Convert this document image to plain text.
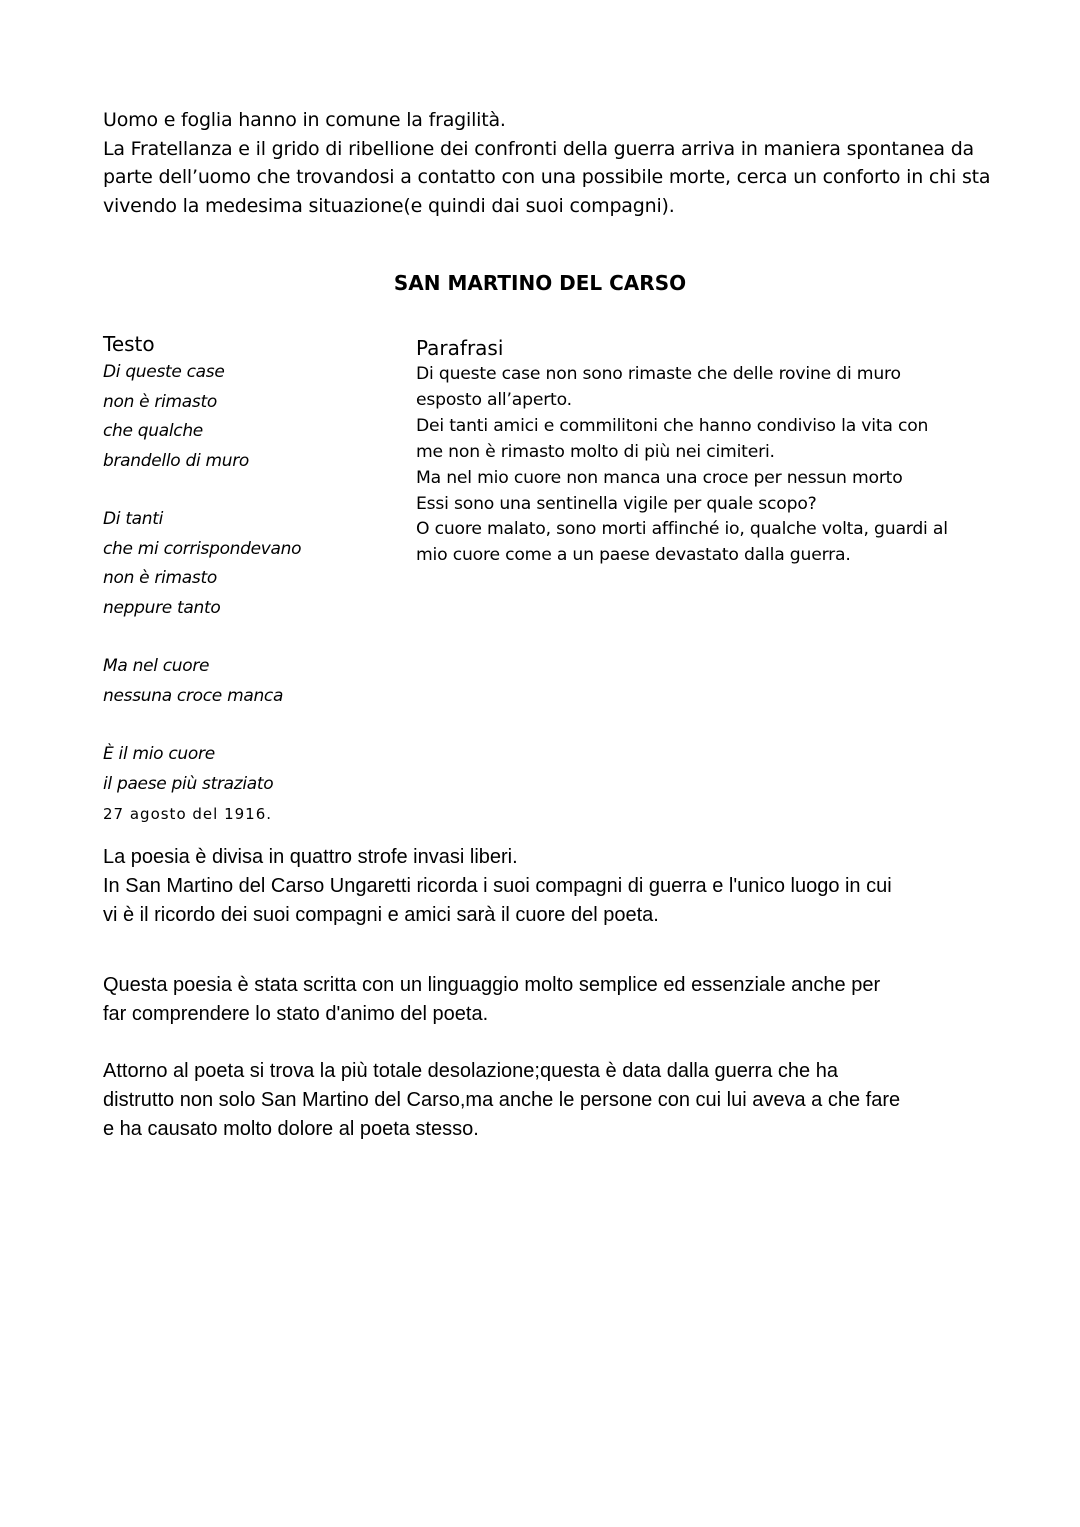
Uomo e foglia hanno in comune la fragilità.

La Fratellanza e il grido di ribellione dei confronti della guerra arriva in maniera spontanea da
parte dell’uomo che trovandosi a contatto con una possibile morte, cerca un conforto in chi sta
vivendo la medesima situazione(e quindi dai suoi compagni).

SAN MARTINO DEL CARSO
Testo
Di queste case
non è rimasto
che qualche
brandello di muro
Di tanti
che mi corrispondevano
non è rimasto
neppure tanto
Ma nel cuore
nessuna croce manca
È il mio cuore
il paese più straziato
27 agosto del 1916.
Parafrasi
Di queste case non sono rimaste che delle rovine di muro
esposto all’aperto.
Dei tanti amici e commilitoni che hanno condiviso la vita con
me non è rimasto molto di più nei cimiteri.
Ma nel mio cuore non manca una croce per nessun morto
Essi sono una sentinella vigile per quale scopo?
O cuore malato, sono morti affinché io, qualche volta, guardi al
mio cuore come a un paese devastato dalla guerra.

La poesia è divisa in quattro strofe invasi liberi.
In San Martino del Carso Ungaretti ricorda i suoi compagni di guerra e l'unico luogo in cui
vi è il ricordo dei suoi compagni e amici sarà il cuore del poeta.

Questa poesia è stata scritta con un linguaggio molto semplice ed essenziale anche per
far comprendere lo stato d'animo del poeta.

Attorno al poeta si trova la più totale desolazione;questa è data dalla guerra che ha
distrutto non solo San Martino del Carso,ma anche le persone con cui lui aveva a che fare
e ha causato molto dolore al poeta stesso.
